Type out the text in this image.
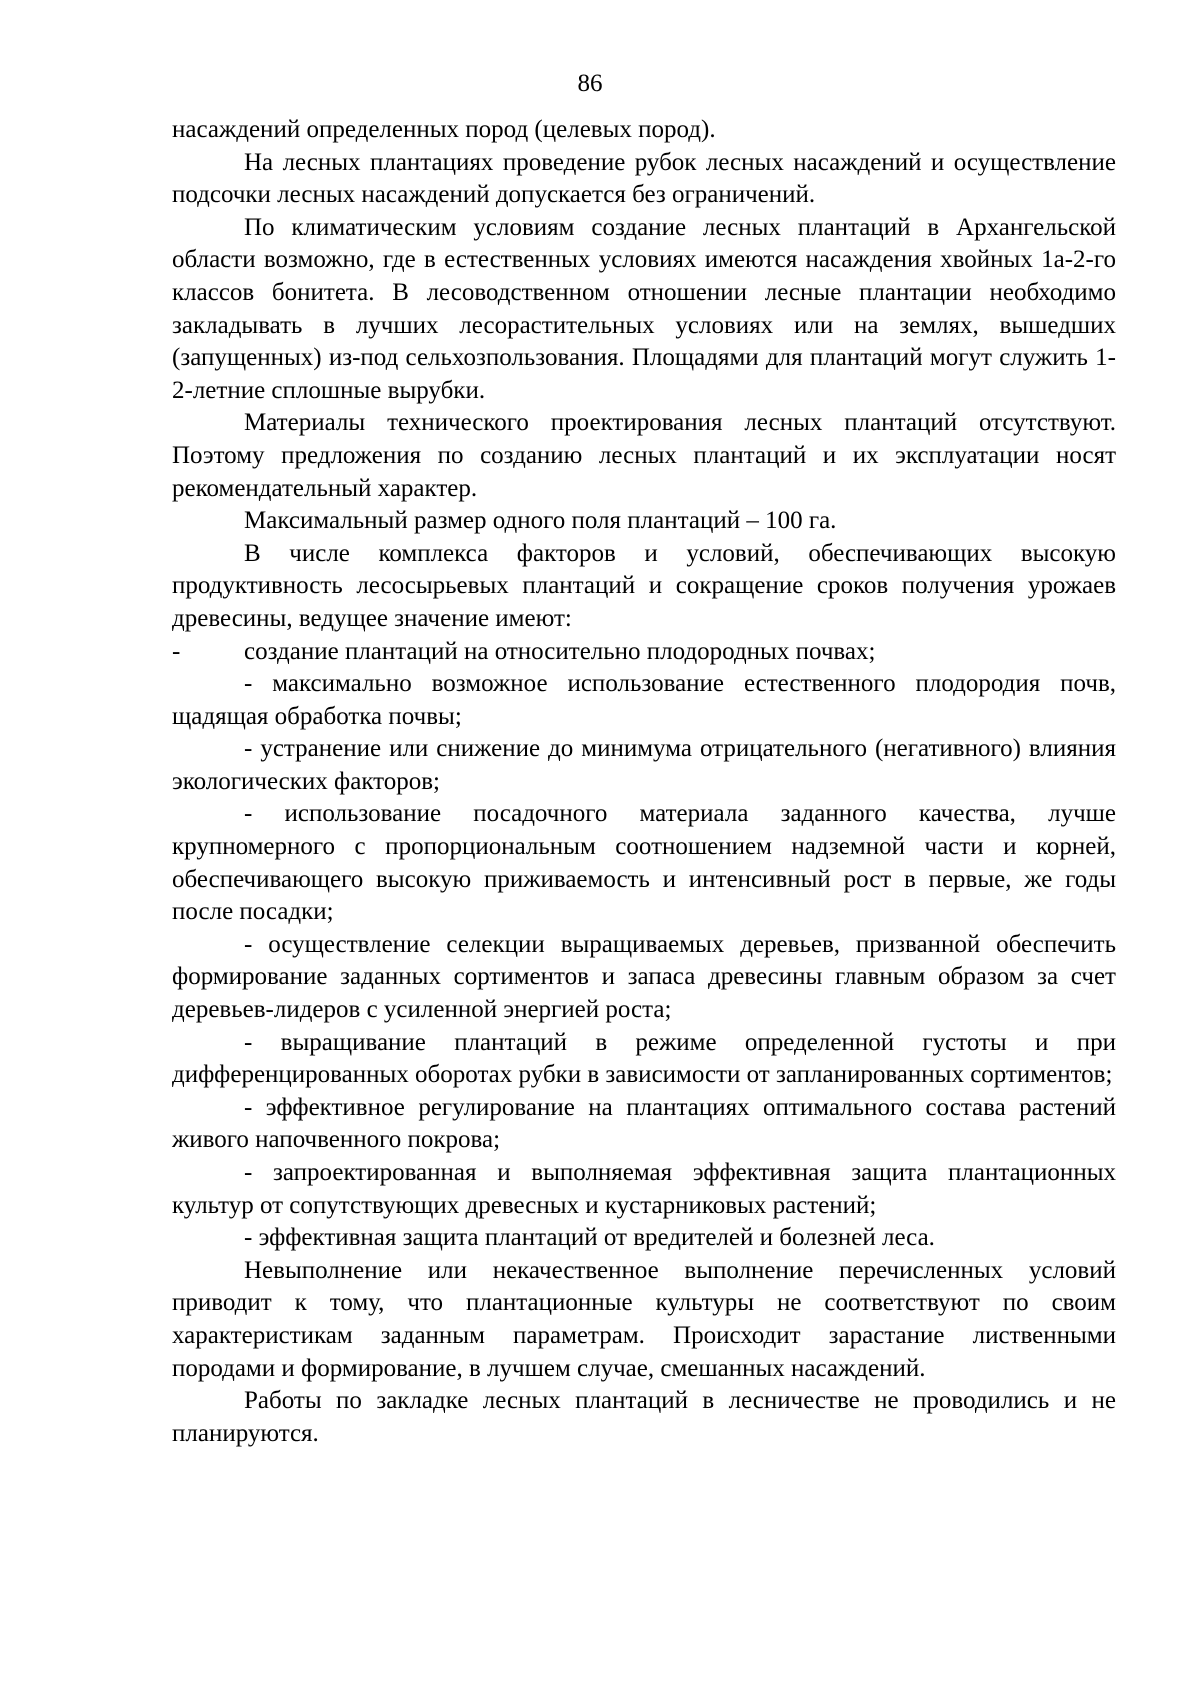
86

насаждений определенных пород (целевых пород).

На лесных плантациях проведение рубок лесных насаждений и осуществление подсочки лесных насаждений допускается без ограничений.

По климатическим условиям создание лесных плантаций в Архангельской области возможно, где в естественных условиях имеются насаждения хвойных 1а-2-го классов бонитета. В лесоводственном отношении лесные плантации необходимо закладывать в лучших лесорастительных условиях или на землях, вышедших (запущенных) из-под сельхозпользования. Площадями для плантаций могут служить 1-2-летние сплошные вырубки.

Материалы технического проектирования лесных плантаций отсутствуют. Поэтому предложения по созданию лесных плантаций и их эксплуатации носят рекомендательный характер.

Максимальный размер одного поля плантаций – 100 га.

В числе комплекса факторов и условий, обеспечивающих высокую продуктивность лесосырьевых плантаций и сокращение сроков получения урожаев древесины, ведущее значение имеют:

-	создание плантаций на относительно плодородных почвах;

- максимально возможное использование естественного плодородия почв, щадящая обработка почвы;

- устранение или снижение до минимума отрицательного (негативного) влияния экологических факторов;

- использование посадочного материала заданного качества, лучше крупномерного с пропорциональным соотношением надземной части и корней, обеспечивающего высокую приживаемость и интенсивный рост в первые, же годы после посадки;

- осуществление селекции выращиваемых деревьев, призванной обеспечить формирование заданных сортиментов и запаса древесины главным образом за счет деревьев-лидеров с усиленной энергией роста;

- выращивание плантаций в режиме определенной густоты и при дифференцированных оборотах рубки в зависимости от запланированных сортиментов;

- эффективное регулирование на плантациях оптимального состава растений живого напочвенного покрова;

- запроектированная и выполняемая эффективная защита плантационных культур от сопутствующих древесных и кустарниковых растений;

- эффективная защита плантаций от вредителей и болезней леса.

Невыполнение или некачественное выполнение перечисленных условий приводит к тому, что плантационные культуры не соответствуют по своим характеристикам заданным параметрам. Происходит зарастание лиственными породами и формирование, в лучшем случае, смешанных насаждений.

Работы по закладке лесных плантаций в лесничестве не проводились и не планируются.
